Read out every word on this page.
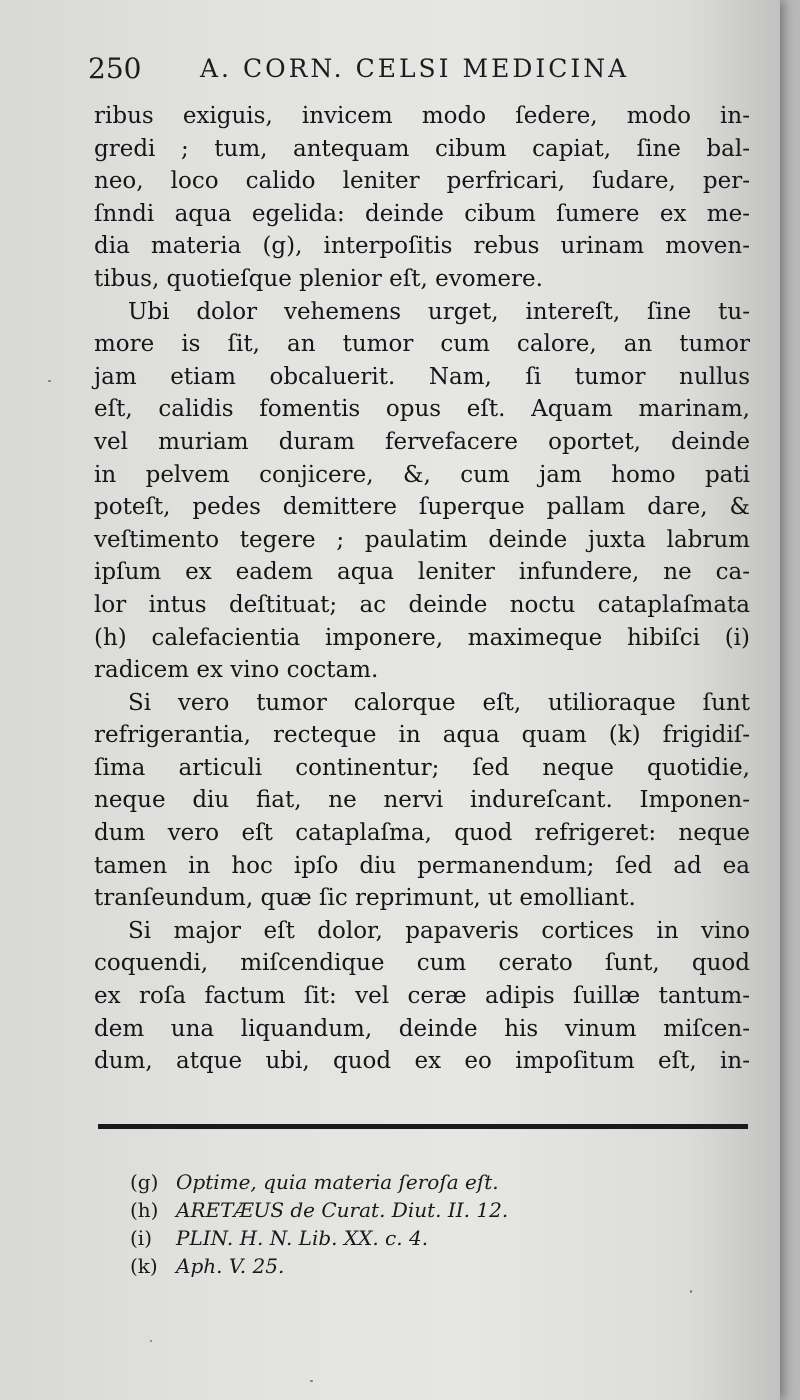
250 A. CORN. CELSI MEDICINA
ribus exiguis, invicem modo ſedere, modo in-
gredi ; tum, antequam cibum capiat, ſine bal-
neo, loco calido leniter perfricari, ſudare, per-
ſnndi aqua egelida: deinde cibum ſumere ex me-
dia materia (g), interpoſitis rebus urinam moven-
tibus, quotieſque plenior eſt, evomere.
Ubi dolor vehemens urget, intereſt, ſine tu-
more is ſit, an tumor cum calore, an tumor
jam etiam obcaluerit. Nam, ſi tumor nullus
eſt, calidis fomentis opus eſt. Aquam marinam,
vel muriam duram fervefacere oportet, deinde
in pelvem conjicere, &, cum jam homo pati
poteſt, pedes demittere ſuperque pallam dare, &
veſtimento tegere ; paulatim deinde juxta labrum
ipſum ex eadem aqua leniter infundere, ne ca-
lor intus deſtituat; ac deinde noctu cataplaſmata
(h) calefacientia imponere, maximeque hibiſci (i)
radicem ex vino coctam.
Si vero tumor calorque eſt, utilioraque ſunt
refrigerantia, recteque in aqua quam (k) frigidiſ-
ſima articuli continentur; ſed neque quotidie,
neque diu fiat, ne nervi indureſcant. Imponen-
dum vero eſt cataplaſma, quod refrigeret: neque
tamen in hoc ipſo diu permanendum; ſed ad ea
tranſeundum, quæ ſic reprimunt, ut emolliant.
Si major eſt dolor, papaveris cortices in vino
coquendi, miſcendique cum cerato ſunt, quod
ex roſa factum ſit: vel ceræ adipis ſuillæ tantum-
dem una liquandum, deinde his vinum miſcen-
dum, atque ubi, quod ex eo impoſitum eſt, in-
(g) Optime, quia materia ſeroſa eſt.
(h) ARETÆUS de Curat. Diut. II. 12.
(i) PLIN. H. N. Lib. XX. c. 4.
(k) Aph. V. 25.
